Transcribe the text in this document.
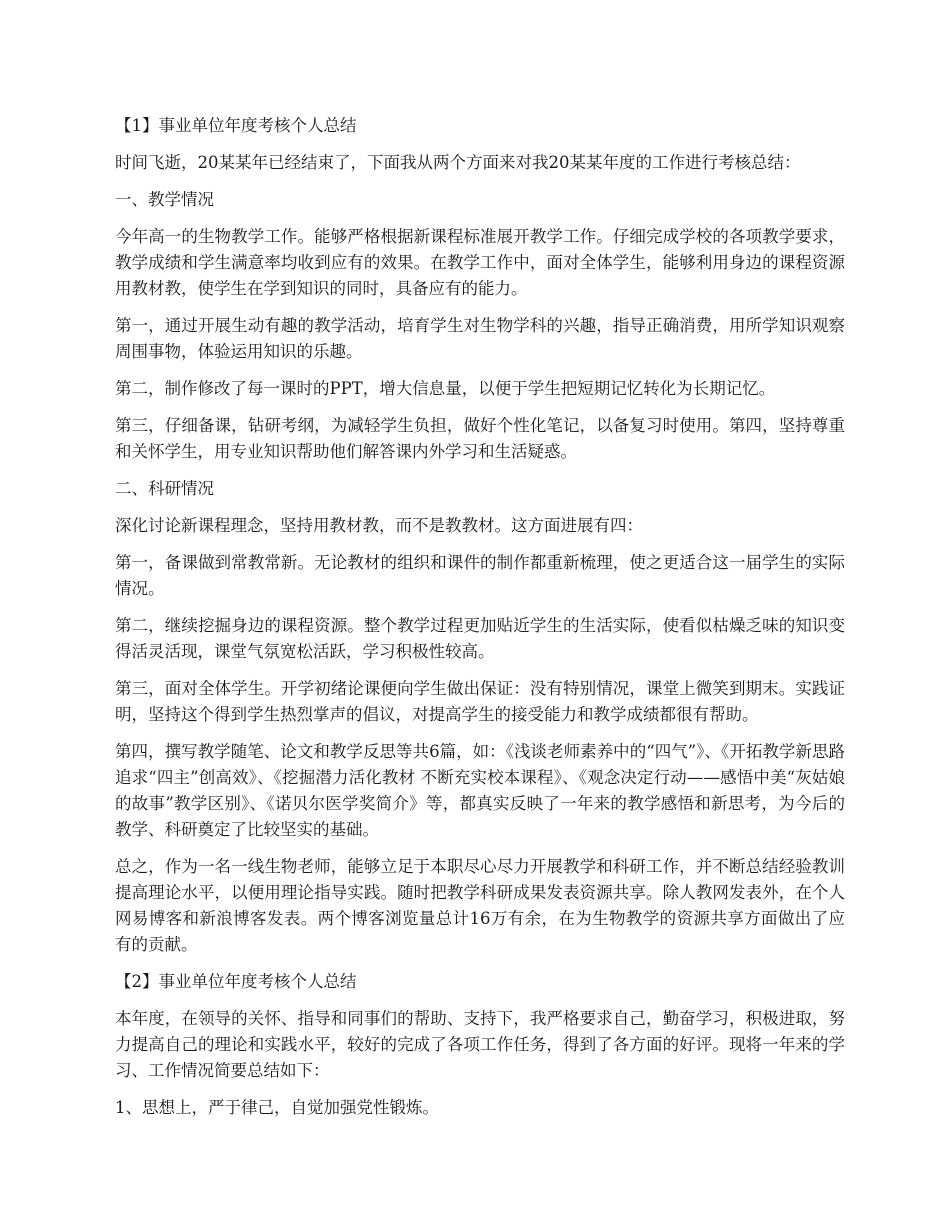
【1】事业单位年度考核个人总结

时间飞逝，20某某年已经结束了，下面我从两个方面来对我20某某年度的工作进行考核总结：

一、教学情况

今年高一的生物教学工作。能够严格根据新课程标准展开教学工作。仔细完成学校的各项教学要求，教学成绩和学生满意率均收到应有的效果。在教学工作中，面对全体学生，能够利用身边的课程资源用教材教，使学生在学到知识的同时，具备应有的能力。

第一，通过开展生动有趣的教学活动，培育学生对生物学科的兴趣，指导正确消费，用所学知识观察周围事物，体验运用知识的乐趣。

第二，制作修改了每一课时的PPT，增大信息量，以便于学生把短期记忆转化为长期记忆。

第三，仔细备课，钻研考纲，为减轻学生负担，做好个性化笔记，以备复习时使用。第四，坚持尊重和关怀学生，用专业知识帮助他们解答课内外学习和生活疑惑。

二、科研情况

深化讨论新课程理念，坚持用教材教，而不是教教材。这方面进展有四：

第一，备课做到常教常新。无论教材的组织和课件的制作都重新梳理，使之更适合这一届学生的实际情况。

第二，继续挖掘身边的课程资源。整个教学过程更加贴近学生的生活实际，使看似枯燥乏味的知识变得活灵活现，课堂气氛宽松活跃，学习积极性较高。

第三，面对全体学生。开学初绪论课便向学生做出保证：没有特别情况，课堂上微笑到期末。实践证明，坚持这个得到学生热烈掌声的倡议，对提高学生的接受能力和教学成绩都很有帮助。

第四，撰写教学随笔、论文和教学反思等共6篇，如：《浅谈老师素养中的“四气”》、《开拓教学新思路 追求“四主”创高效》、《挖掘潜力活化教材 不断充实校本课程》、《观念决定行动——感悟中美“灰姑娘的故事”教学区别》、《诺贝尔医学奖简介》等，都真实反映了一年来的教学感悟和新思考，为今后的教学、科研奠定了比较坚实的基础。

总之，作为一名一线生物老师，能够立足于本职尽心尽力开展教学和科研工作，并不断总结经验教训提高理论水平，以便用理论指导实践。随时把教学科研成果发表资源共享。除人教网发表外，在个人网易博客和新浪博客发表。两个博客浏览量总计16万有余，在为生物教学的资源共享方面做出了应有的贡献。

【2】事业单位年度考核个人总结

本年度，在领导的关怀、指导和同事们的帮助、支持下，我严格要求自己，勤奋学习，积极进取，努力提高自己的理论和实践水平，较好的完成了各项工作任务，得到了各方面的好评。现将一年来的学习、工作情况简要总结如下：

1、思想上，严于律己，自觉加强党性锻炼。
